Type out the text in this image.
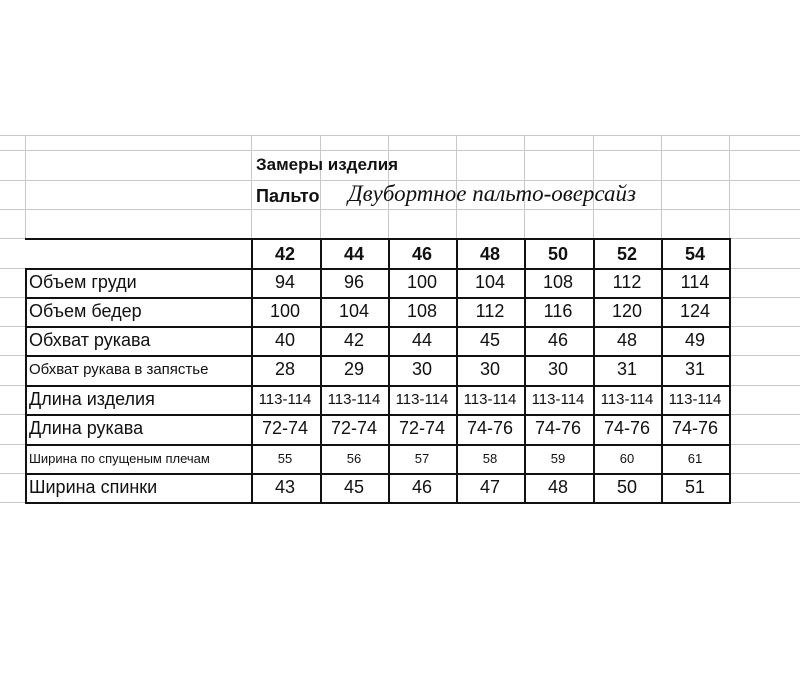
Замеры изделия
Пальто Двубортное пальто-оверсайз
42	44	46	48	50	52	54
Объем груди	94	96	100	104	108	112	114
Объем бедер	100	104	108	112	116	120	124
Обхват рукава	40	42	44	45	46	48	49
Обхват рукава в запястье	28	29	30	30	30	31	31
Длина изделия	113-114	113-114	113-114	113-114	113-114	113-114	113-114
Длина рукава	72-74	72-74	72-74	74-76	74-76	74-76	74-76
Ширина по спущеным плечам	55	56	57	58	59	60	61
Ширина спинки	43	45	46	47	48	50	51
